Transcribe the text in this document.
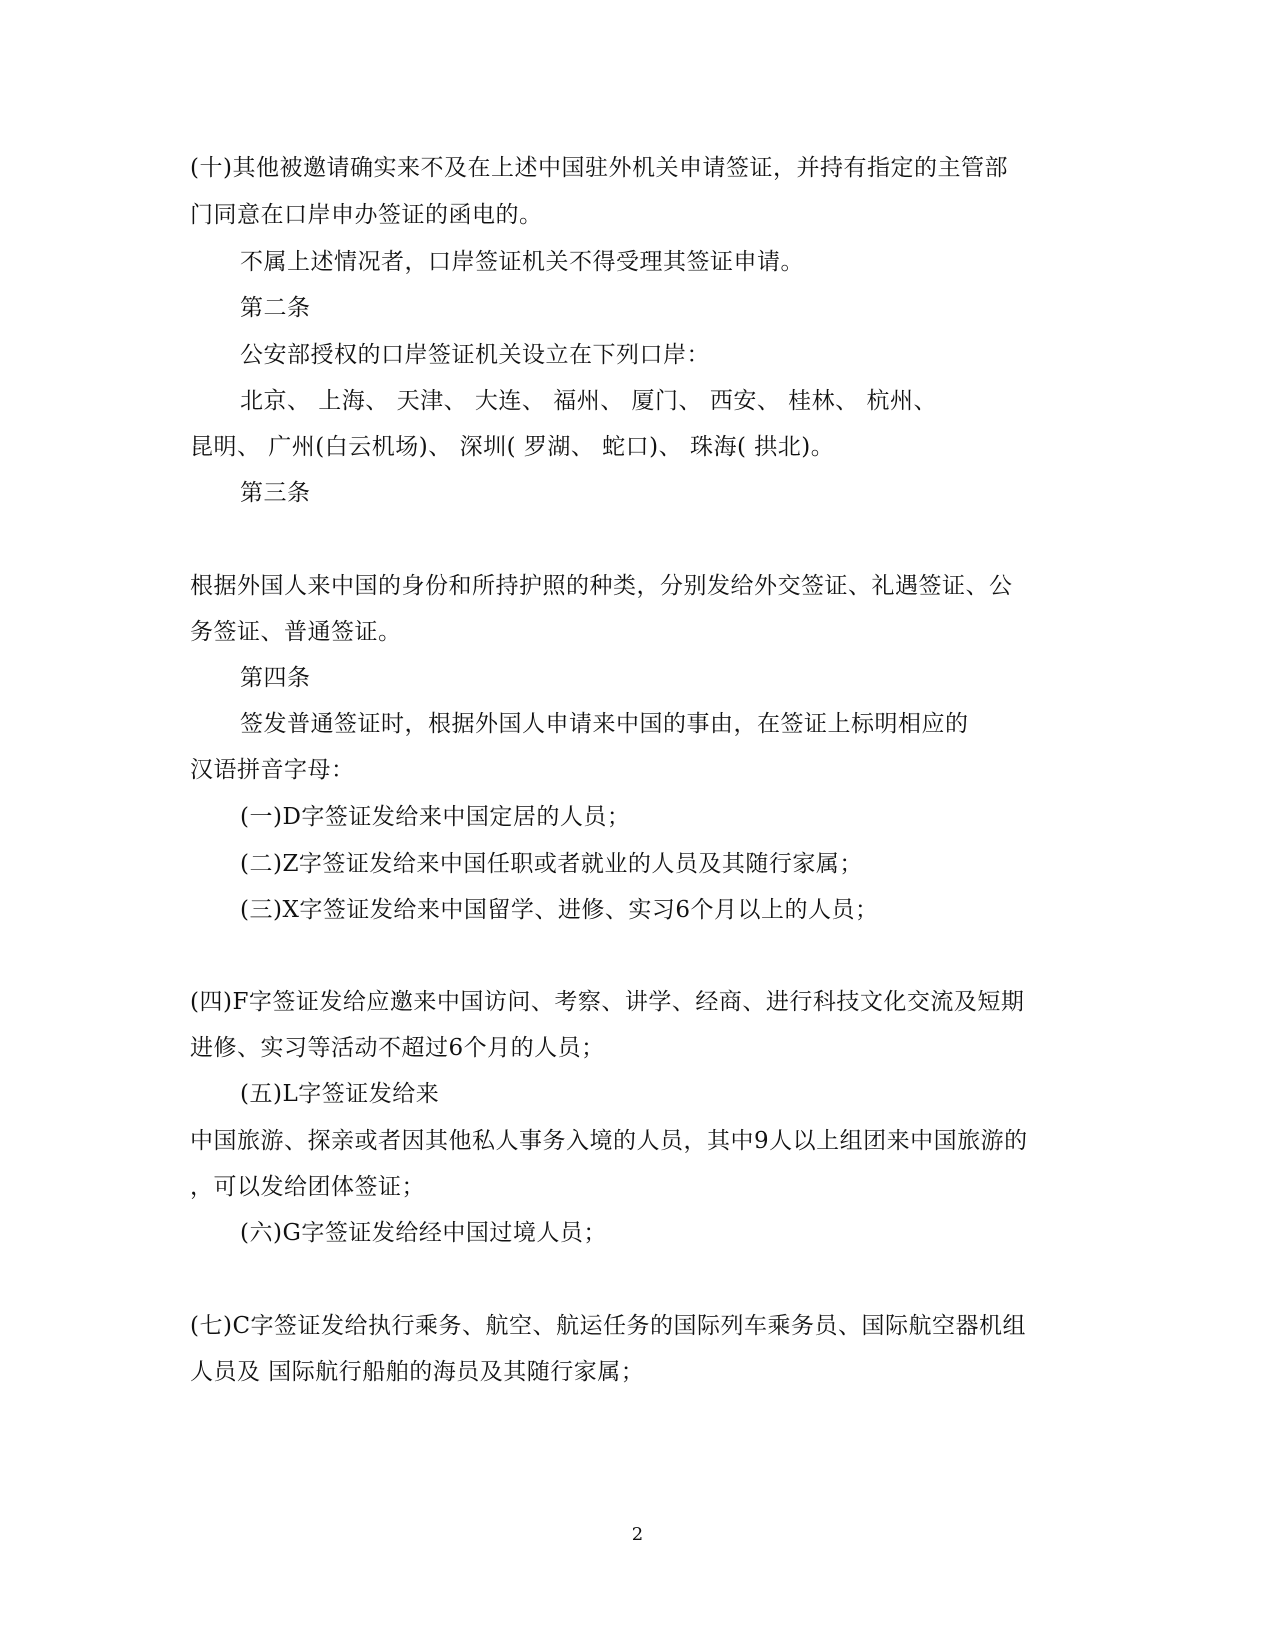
(十)其他被邀请确实来不及在上述中国驻外机关申请签证，并持有指定的主管部
门同意在口岸申办签证的函电的。
不属上述情况者，口岸签证机关不得受理其签证申请。
第二条
公安部授权的口岸签证机关设立在下列口岸：
北京、 上海、 天津、 大连、 福州、 厦门、 西安、 桂林、 杭州、
昆明、 广州(白云机场)、 深圳( 罗湖、 蛇口)、 珠海( 拱北)。
第三条
根据外国人来中国的身份和所持护照的种类，分别发给外交签证、礼遇签证、公
务签证、普通签证。
第四条
签发普通签证时，根据外国人申请来中国的事由，在签证上标明相应的
汉语拼音字母：
(一)D字签证发给来中国定居的人员；
(二)Z字签证发给来中国任职或者就业的人员及其随行家属；
(三)X字签证发给来中国留学、进修、实习6个月以上的人员；
(四)F字签证发给应邀来中国访问、考察、讲学、经商、进行科技文化交流及短期
进修、实习等活动不超过6个月的人员；
(五)L字签证发给来
中国旅游、探亲或者因其他私人事务入境的人员，其中9人以上组团来中国旅游的
，可以发给团体签证；
(六)G字签证发给经中国过境人员；
(七)C字签证发给执行乘务、航空、航运任务的国际列车乘务员、国际航空器机组
人员及 国际航行船舶的海员及其随行家属；
2
